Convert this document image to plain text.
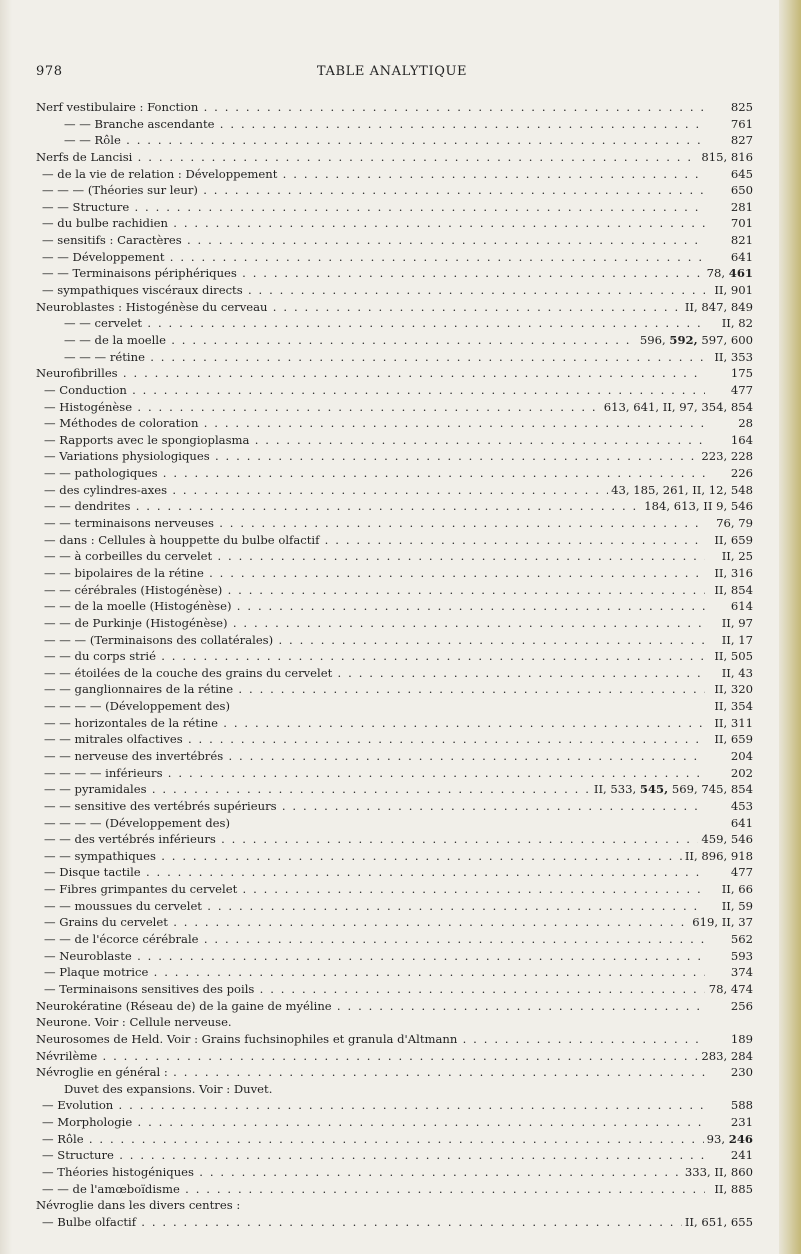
978	TABLE ANALYTIQUE
Nerf vestibulaire : Fonction . . .	825
— — Branche ascendante . . .	761
— — Rôle . . .	827
Nerfs de Lancisi . . .	815, 816
— de la vie de relation : Développement . . .	645
— — — (Théories sur leur) . . .	650
— — Structure . . .	281
— du bulbe rachidien . . .	701
— sensitifs : Caractères . . .	821
— — Développement . . .	641
— — Terminaisons périphériques . . .	78, 461
— sympathiques viscéraux directs . . .	II, 901
Neuroblastes : Histogénèse du cerveau . . .	II, 847, 849
— — cervelet . . .	II, 82
— — de la moelle . . .	596, 592, 597, 600
— — — rétine . . .	II, 353
Neurofibrilles . . .	175
— Conduction . . .	477
— Histogénèse . . .	613, 641, II, 97, 354, 854
— Méthodes de coloration . . .	28
— Rapports avec le spongioplasma . . .	164
— Variations physiologiques . . .	223, 228
— — pathologiques . . .	226
— des cylindres-axes . . .	43, 185, 261, II, 12, 548
— — dendrites . . .	184, 613, II 9, 546
— — terminaisons nerveuses . . .	76, 79
— dans : Cellules à houppette du bulbe olfactif . . .	II, 659
— — à corbeilles du cervelet . . .	II, 25
— — bipolaires de la rétine . . .	II, 316
— — cérébrales (Histogénèse) . . .	II, 854
— — de la moelle (Histogénèse) . . .	614
— — de Purkinje (Histogénèse) . . .	II, 97
— — — (Terminaisons des collatérales) . . .	II, 17
— — du corps strié . . .	II, 505
— — étoilées de la couche des grains du cervelet . . .	II, 43
— — ganglionnaires de la rétine . . .	II, 320
— — — — (Développement des)	II, 354
— — horizontales de la rétine . . .	II, 311
— — mitrales olfactives . . .	II, 659
— — nerveuse des invertébrés . . .	204
— — — — inférieurs . . .	202
— — pyramidales . . .	II, 533, 545, 569, 745, 854
— — sensitive des vertébrés supérieurs . . .	453
— — — — (Développement des)	641
— — des vertébrés inférieurs . . .	459, 546
— — sympathiques . . .	II, 896, 918
— Disque tactile . . .	477
— Fibres grimpantes du cervelet . . .	II, 66
— — moussues du cervelet . . .	II, 59
— Grains du cervelet . . .	619, II, 37
— — de l'écorce cérébrale . . .	562
— Neuroblaste . . .	593
— Plaque motrice . . .	374
— Terminaisons sensitives des poils . . .	78, 474
Neurokératine (Réseau de) de la gaine de myéline . . .	256
Neurone. Voir : Cellule nerveuse.
Neurosomes de Held. Voir : Grains fuchsinophiles et granula d'Altmann . . .	189
Névrilème . . .	283, 284
Névroglie en général : . . .	230
Duvet des expansions. Voir : Duvet.
— Evolution . . .	588
— Morphologie . . .	231
— Rôle . . .	93, 246
— Structure . . .	241
— Théories histogéniques . . .	333, II, 860
— — de l'amœboïdisme . . .	II, 885
Névroglie dans les divers centres :
— Bulbe olfactif . . .	II, 651, 655
